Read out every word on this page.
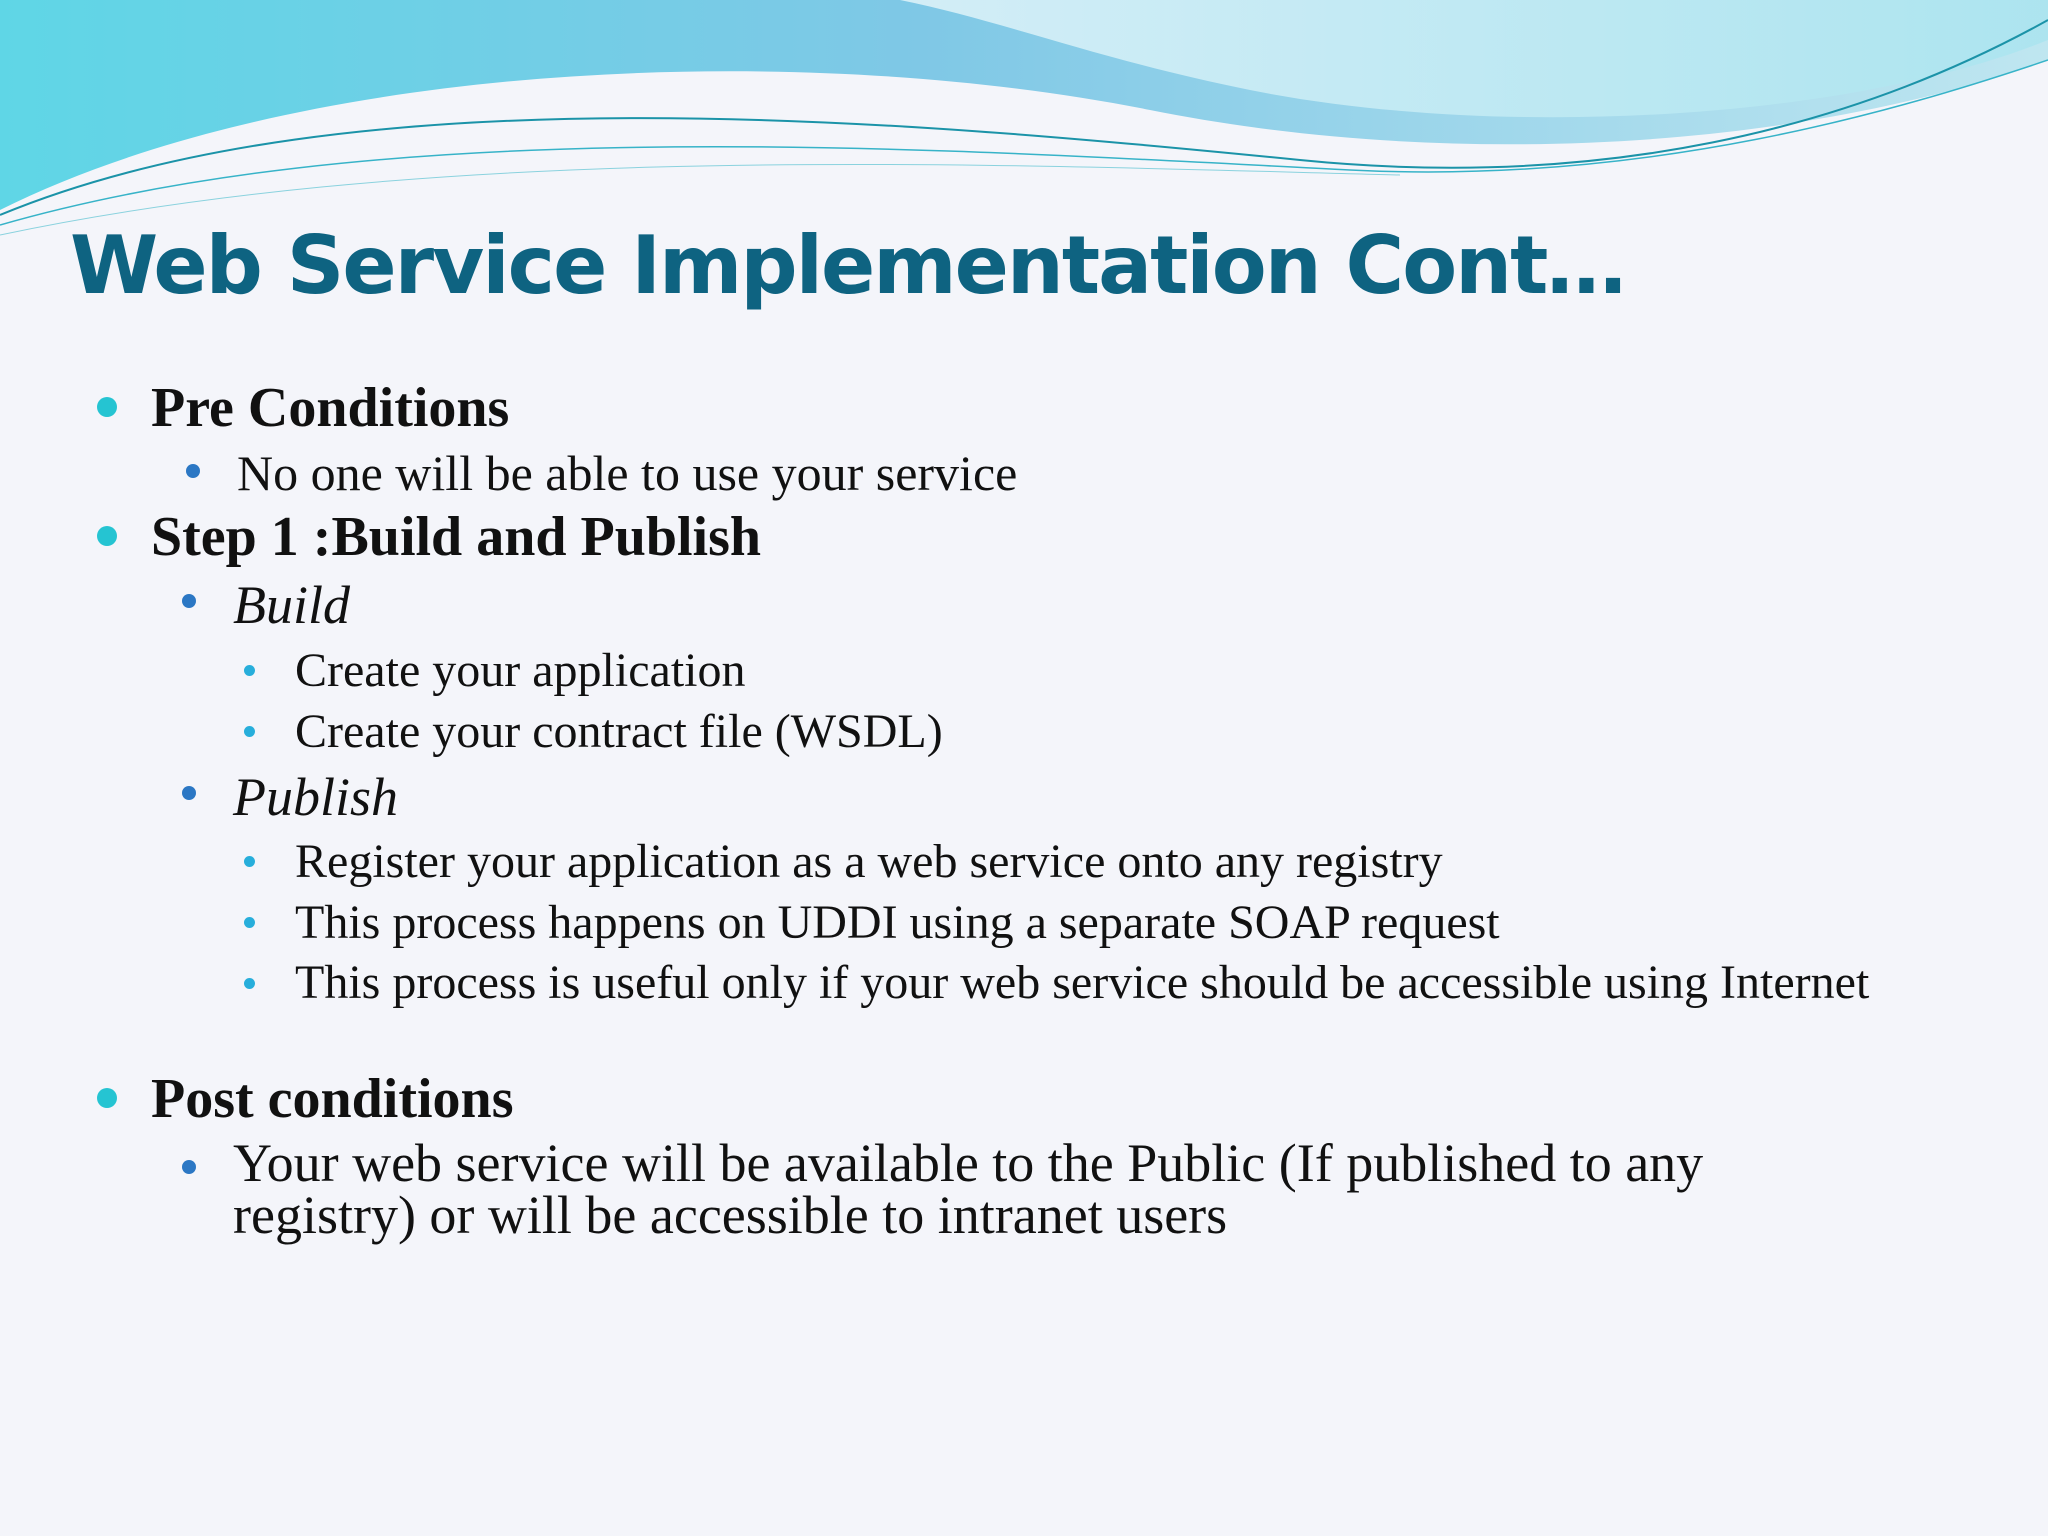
Web Service Implementation Cont…
Pre Conditions
No one will be able to use your service
Step 1 :Build and Publish
Build
Create your application
Create your contract file (WSDL)
Publish
Register your application as a web service onto any registry
This process happens on UDDI using a separate SOAP request
This process is useful only if your web service should be accessible using Internet
Post conditions
Your web service will be available to the Public (If published to any registry) or will be accessible to intranet users
